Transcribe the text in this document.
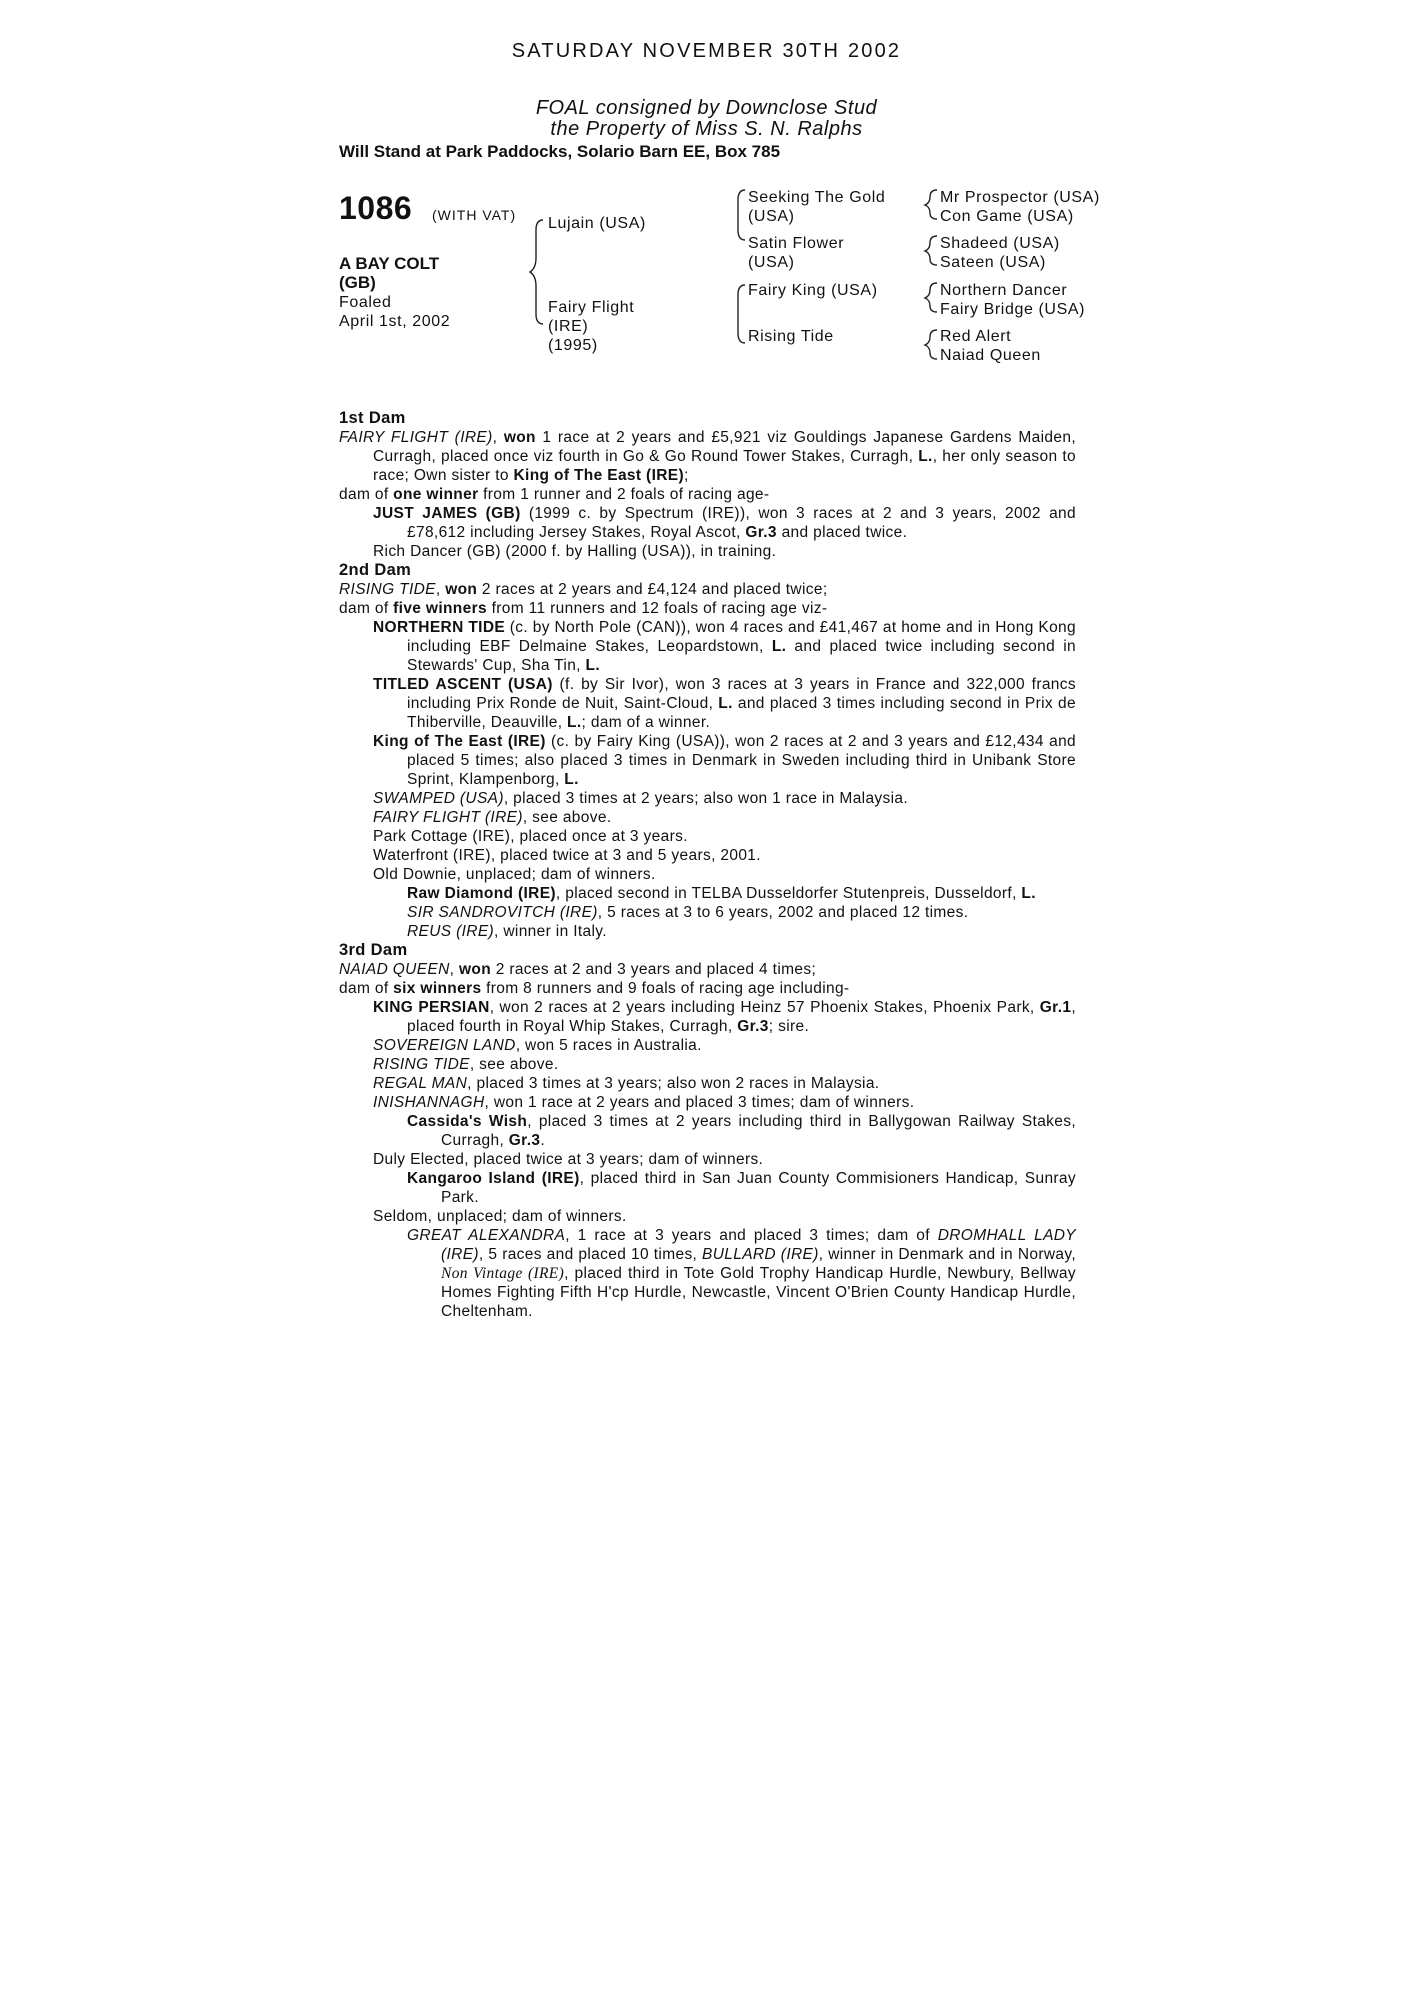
SATURDAY NOVEMBER 30TH 2002
FOAL consigned by Downclose Stud
the Property of Miss S. N. Ralphs
Will Stand at Park Paddocks, Solario Barn EE, Box 785
1086 (WITH VAT)
A BAY COLT
(GB)
Foaled
April 1st, 2002
Lujain (USA)
Fairy Flight
(IRE)
(1995)
Seeking The Gold
(USA)
Satin Flower
(USA)
Fairy King (USA)
Rising Tide
Mr Prospector (USA)
Con Game (USA)
Shadeed (USA)
Sateen (USA)
Northern Dancer
Fairy Bridge (USA)
Red Alert
Naiad Queen

1st Dam

FAIRY FLIGHT (IRE), won 1 race at 2 years and £5,921 viz Gouldings Japanese Gardens Maiden, Curragh, placed once viz fourth in Go & Go Round Tower Stakes, Curragh, L., her only season to race; Own sister to King of The East (IRE);

dam of one winner from 1 runner and 2 foals of racing age-

JUST JAMES (GB) (1999 c. by Spectrum (IRE)), won 3 races at 2 and 3 years, 2002 and £78,612 including Jersey Stakes, Royal Ascot, Gr.3 and placed twice.

Rich Dancer (GB) (2000 f. by Halling (USA)), in training.

2nd Dam

RISING TIDE, won 2 races at 2 years and £4,124 and placed twice;

dam of five winners from 11 runners and 12 foals of racing age viz-

NORTHERN TIDE (c. by North Pole (CAN)), won 4 races and £41,467 at home and in Hong Kong including EBF Delmaine Stakes, Leopardstown, L. and placed twice including second in Stewards' Cup, Sha Tin, L.

TITLED ASCENT (USA) (f. by Sir Ivor), won 3 races at 3 years in France and 322,000 francs including Prix Ronde de Nuit, Saint-Cloud, L. and placed 3 times including second in Prix de Thiberville, Deauville, L.; dam of a winner.

King of The East (IRE) (c. by Fairy King (USA)), won 2 races at 2 and 3 years and £12,434 and placed 5 times; also placed 3 times in Denmark in Sweden including third in Unibank Store Sprint, Klampenborg, L.

SWAMPED (USA), placed 3 times at 2 years; also won 1 race in Malaysia.

FAIRY FLIGHT (IRE), see above.

Park Cottage (IRE), placed once at 3 years.

Waterfront (IRE), placed twice at 3 and 5 years, 2001.

Old Downie, unplaced; dam of winners.

Raw Diamond (IRE), placed second in TELBA Dusseldorfer Stutenpreis, Dusseldorf, L.

SIR SANDROVITCH (IRE), 5 races at 3 to 6 years, 2002 and placed 12 times.

REUS (IRE), winner in Italy.

3rd Dam

NAIAD QUEEN, won 2 races at 2 and 3 years and placed 4 times;

dam of six winners from 8 runners and 9 foals of racing age including-

KING PERSIAN, won 2 races at 2 years including Heinz 57 Phoenix Stakes, Phoenix Park, Gr.1, placed fourth in Royal Whip Stakes, Curragh, Gr.3; sire.

SOVEREIGN LAND, won 5 races in Australia.

RISING TIDE, see above.

REGAL MAN, placed 3 times at 3 years; also won 2 races in Malaysia.

INISHANNAGH, won 1 race at 2 years and placed 3 times; dam of winners.

Cassida's Wish, placed 3 times at 2 years including third in Ballygowan Railway Stakes, Curragh, Gr.3.

Duly Elected, placed twice at 3 years; dam of winners.

Kangaroo Island (IRE), placed third in San Juan County Commisioners Handicap, Sunray Park.

Seldom, unplaced; dam of winners.

GREAT ALEXANDRA, 1 race at 3 years and placed 3 times; dam of DROMHALL LADY (IRE), 5 races and placed 10 times, BULLARD (IRE), winner in Denmark and in Norway, Non Vintage (IRE), placed third in Tote Gold Trophy Handicap Hurdle, Newbury, Bellway Homes Fighting Fifth H'cp Hurdle, Newcastle, Vincent O'Brien County Handicap Hurdle, Cheltenham.
